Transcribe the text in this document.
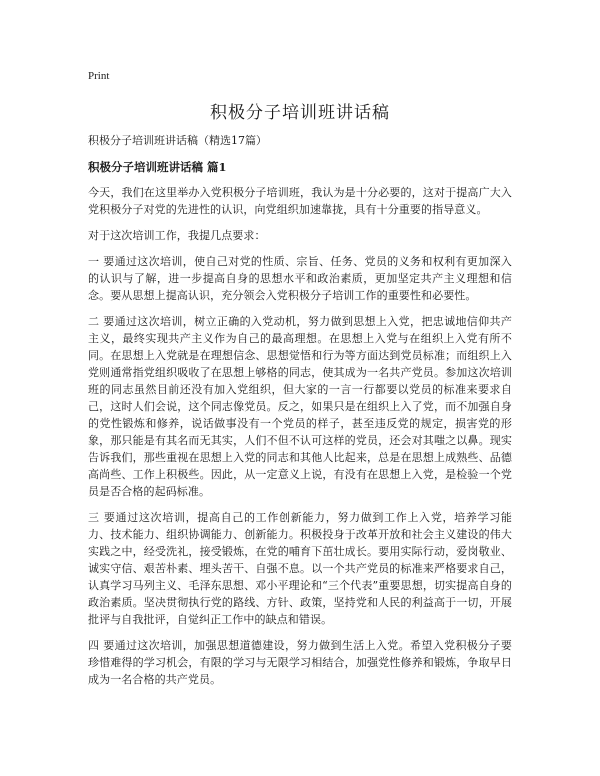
Print
积极分子培训班讲话稿

积极分子培训班讲话稿（精选17篇）

积极分子培训班讲话稿 篇1

今天，我们在这里举办入党积极分子培训班，我认为是十分必要的，这对于提高广大入党积极分子对党的先进性的认识，向党组织加速靠拢，具有十分重要的指导意义。

对于这次培训工作，我提几点要求：

一 要通过这次培训，使自己对党的性质、宗旨、任务、党员的义务和权利有更加深入的认识与了解，进一步提高自身的思想水平和政治素质，更加坚定共产主义理想和信念。要从思想上提高认识，充分领会入党积极分子培训工作的重要性和必要性。

二 要通过这次培训，树立正确的入党动机，努力做到思想上入党，把忠诚地信仰共产主义，最终实现共产主义作为自己的最高理想。在思想上入党与在组织上入党有所不同。在思想上入党就是在理想信念、思想觉悟和行为等方面达到党员标准；而组织上入党则通常指党组织吸收了在思想上够格的同志，使其成为一名共产党员。参加这次培训班的同志虽然目前还没有加入党组织，但大家的一言一行都要以党员的标准来要求自己，这时人们会说，这个同志像党员。反之，如果只是在组织上入了党，而不加强自身的党性锻炼和修养，说话做事没有一个党员的样子，甚至违反党的规定，损害党的形象，那只能是有其名而无其实，人们不但不认可这样的党员，还会对其嗤之以鼻。现实告诉我们，那些重视在思想上入党的同志和其他人比起来，总是在思想上成熟些、品德高尚些、工作上积极些。因此，从一定意义上说，有没有在思想上入党，是检验一个党员是否合格的起码标准。

三 要通过这次培训，提高自己的工作创新能力，努力做到工作上入党，培养学习能力、技术能力、组织协调能力、创新能力。积极投身于改革开放和社会主义建设的伟大实践之中，经受洗礼，接受锻炼，在党的哺育下茁壮成长。要用实际行动，爱岗敬业、诚实守信、艰苦朴素、埋头苦干、自强不息。以一个共产党员的标准来严格要求自己，认真学习马列主义、毛泽东思想、邓小平理论和“三个代表”重要思想，切实提高自身的政治素质。坚决贯彻执行党的路线、方针、政策，坚持党和人民的利益高于一切，开展批评与自我批评，自觉纠正工作中的缺点和错误。

四 要通过这次培训，加强思想道德建设，努力做到生活上入党。希望入党积极分子要珍惜难得的学习机会，有限的学习与无限学习相结合，加强党性修养和锻炼，争取早日成为一名合格的共产党员。
